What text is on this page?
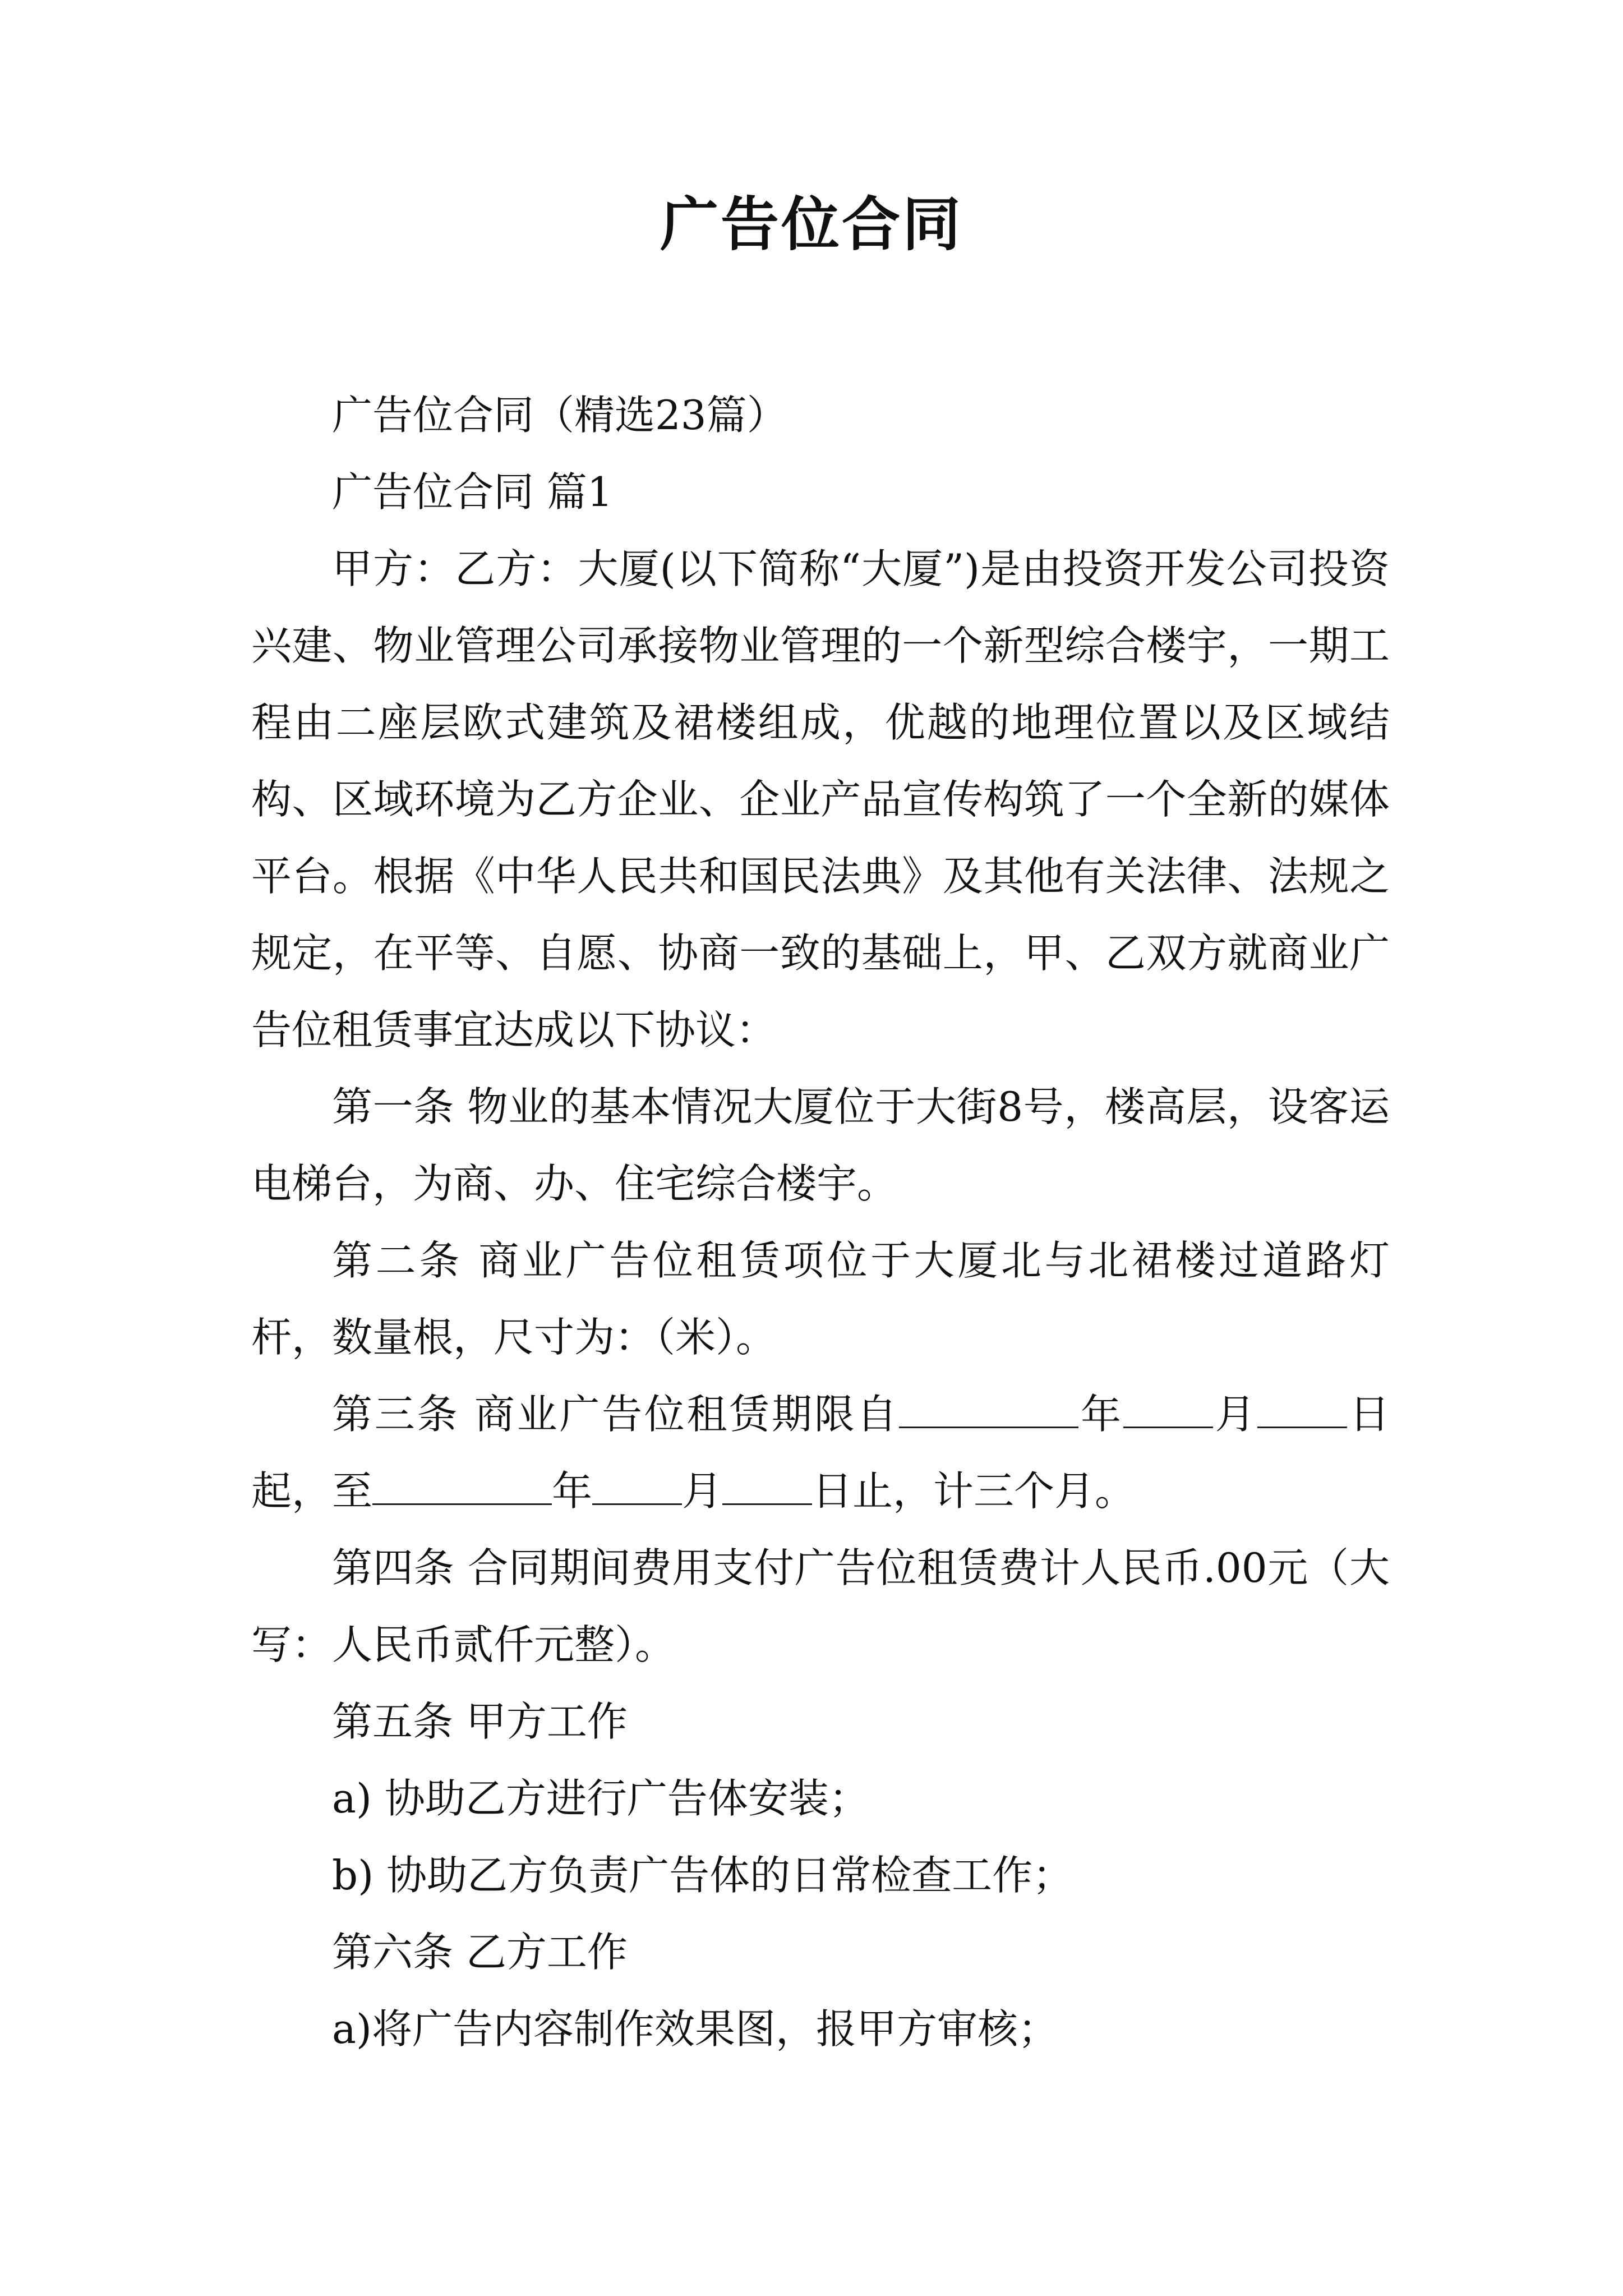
广告位合同

广告位合同（精选23篇）

广告位合同 篇1

甲方：乙方：大厦(以下简称“大厦”)是由投资开发公司投资兴建、物业管理公司承接物业管理的一个新型综合楼宇，一期工程由二座层欧式建筑及裙楼组成，优越的地理位置以及区域结构、区域环境为乙方企业、企业产品宣传构筑了一个全新的媒体平台。根据《中华人民共和国民法典》及其他有关法律、法规之规定，在平等、自愿、协商一致的基础上，甲、乙双方就商业广告位租赁事宜达成以下协议：

第一条 物业的基本情况大厦位于大街8号，楼高层，设客运电梯台，为商、办、住宅综合楼宇。

第二条 商业广告位租赁项位于大厦北与北裙楼过道路灯杆，数量根，尺寸为：（米）。

第三条 商业广告位租赁期限自	年 月 日起，至	年 月 日止，计三个月。

第四条 合同期间费用支付广告位租赁费计人民币.00元（大写：人民币贰仟元整）。

第五条 甲方工作

a) 协助乙方进行广告体安装；

b) 协助乙方负责广告体的日常检查工作；

第六条 乙方工作

a)将广告内容制作效果图，报甲方审核；
